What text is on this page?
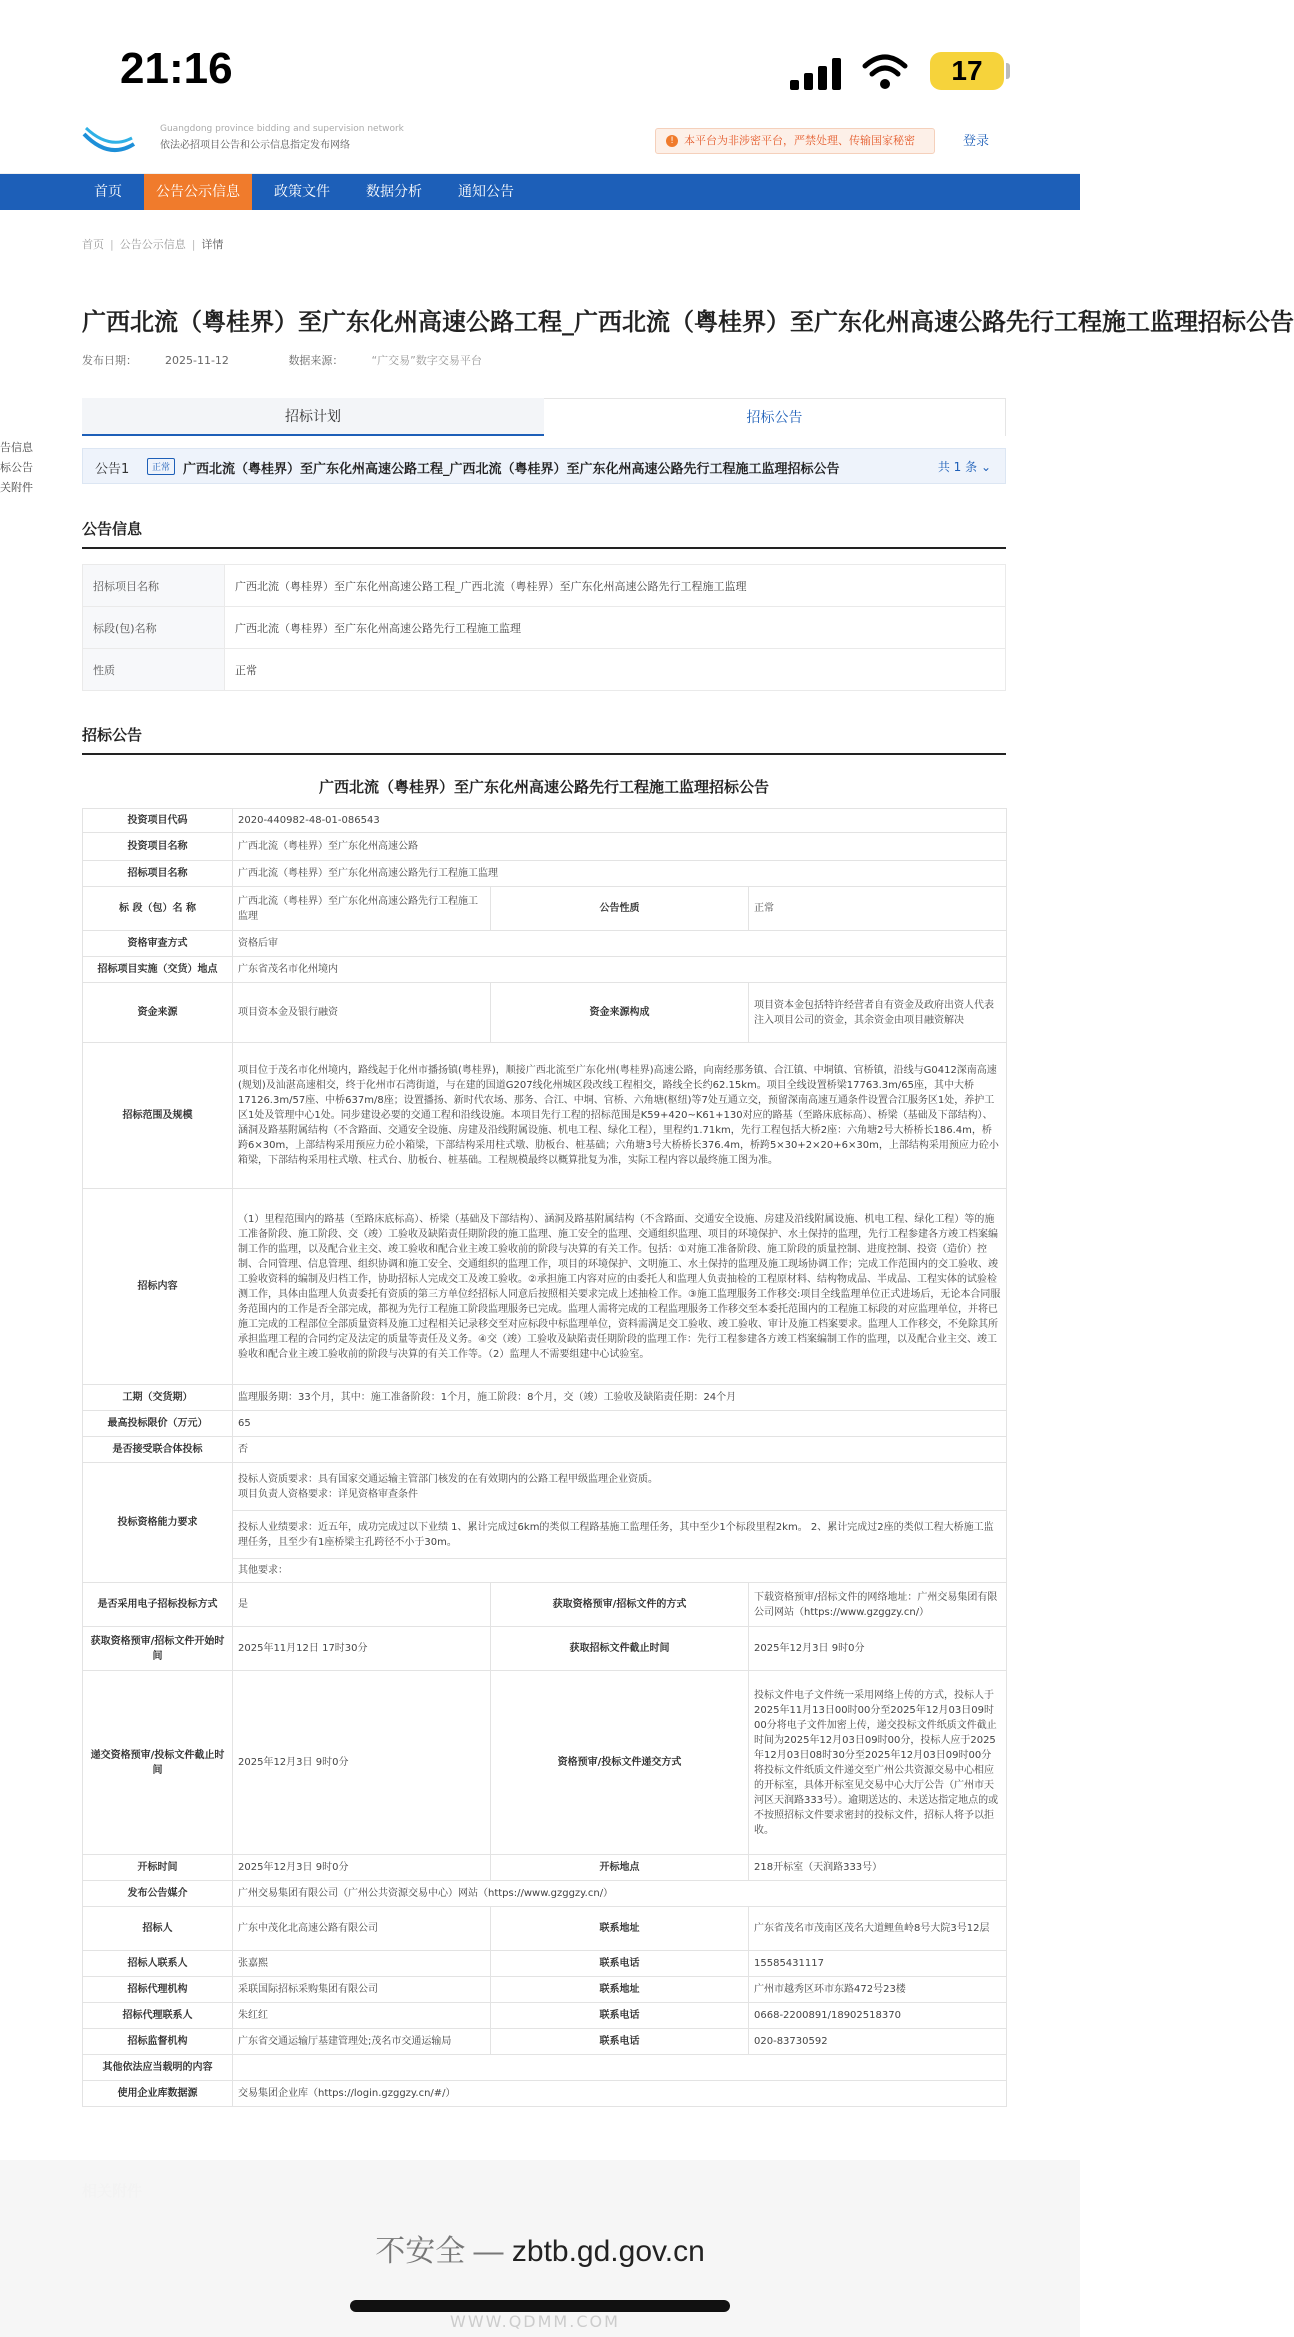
21:16	17
Guangdong province bidding and supervision network
依法必招项目公告和公示信息指定发布网络	! 本平台为非涉密平台，严禁处理、传输国家秘密	登录
首页	公告公示信息	政策文件	数据分析	通知公告
告信息
标公告
关附件
首页 | 公告公示信息 | 详情
广西北流（粤桂界）至广东化州高速公路工程_广西北流（粤桂界）至广东化州高速公路先行工程施工监理招标公告
发布日期：	2025-11-12	数据来源：	“广交易”数字交易平台
招标计划	招标公告
公告1	正常 广西北流（粤桂界）至广东化州高速公路工程_广西北流（粤桂界）至广东化州高速公路先行工程施工监理招标公告	共 1 条 ⌄
公告信息
招标项目名称	广西北流（粤桂界）至广东化州高速公路工程_广西北流（粤桂界）至广东化州高速公路先行工程施工监理
标段(包)名称	广西北流（粤桂界）至广东化州高速公路先行工程施工监理
性质	正常
招标公告
广西北流（粤桂界）至广东化州高速公路先行工程施工监理招标公告
投资项目代码	2020-440982-48-01-086543		
投资项目名称	广西北流（粤桂界）至广东化州高速公路		
招标项目名称	广西北流（粤桂界）至广东化州高速公路先行工程施工监理		
标 段（包）名 称	广西北流（粤桂界）至广东化州高速公路先行工程施工监理	公告性质	正常
资格审查方式	资格后审		
招标项目实施（交货）地点	广东省茂名市化州境内		
资金来源	项目资本金及银行融资	资金来源构成	项目资本金包括特许经营者自有资金及政府出资人代表注入项目公司的资金，其余资金由项目融资解决
招标范围及规模	项目位于茂名市化州境内，路线起于化州市播扬镇(粤桂界)，顺接广西北流至广东化州(粤桂界)高速公路，向南经那务镇、合江镇、中垌镇、官桥镇，沿线与G0412深南高速(规划)及汕湛高速相交，终于化州市石湾街道，与在建的国道G207线化州城区段改线工程相交，路线全长约62.15km。项目全线设置桥梁17763.3m/65座，其中大桥17126.3m/57座、中桥637m/8座；设置播扬、新时代农场、那务、合江、中垌、官桥、六角塘(枢纽)等7处互通立交，预留深南高速互通条件设置合江服务区1处，养护工区1处及管理中心1处。同步建设必要的交通工程和沿线设施。本项目先行工程的招标范围是K59+420~K61+130对应的路基（至路床底标高）、桥梁（基础及下部结构）、涵洞及路基附属结构（不含路面、交通安全设施、房建及沿线附属设施、机电工程、绿化工程），里程约1.71km，先行工程包括大桥2座：六角塘2号大桥桥长186.4m，桥跨6×30m，上部结构采用预应力砼小箱梁，下部结构采用柱式墩、肋板台、桩基础；六角塘3号大桥桥长376.4m，桥跨5×30+2×20+6×30m，上部结构采用预应力砼小箱梁，下部结构采用柱式墩、柱式台、肋板台、桩基础。工程规模最终以概算批复为准，实际工程内容以最终施工图为准。		
招标内容	（1）里程范围内的路基（至路床底标高）、桥梁（基础及下部结构）、涵洞及路基附属结构（不含路面、交通安全设施、房建及沿线附属设施、机电工程、绿化工程）等的施工准备阶段、施工阶段、交（竣）工验收及缺陷责任期阶段的施工监理、施工安全的监理、交通组织监理、项目的环境保护、水土保持的监理，先行工程参建各方竣工档案编制工作的监理，以及配合业主交、竣工验收和配合业主竣工验收前的阶段与决算的有关工作。包括：①对施工准备阶段、施工阶段的质量控制、进度控制、投资（造价）控制、合同管理、信息管理、组织协调和施工安全、交通组织的监理工作，项目的环境保护、文明施工、水土保持的监理及施工现场协调工作；完成工作范围内的交工验收、竣工验收资料的编制及归档工作，协助招标人完成交工及竣工验收。②承担施工内容对应的由委托人和监理人负责抽检的工程原材料、结构物成品、半成品、工程实体的试验检测工作，具体由监理人负责委托有资质的第三方单位经招标人同意后按照相关要求完成上述抽检工作。③施工监理服务工作移交:项目全线监理单位正式进场后，无论本合同服务范围内的工作是否全部完成，都视为先行工程施工阶段监理服务已完成。监理人需将完成的工程监理服务工作移交至本委托范围内的工程施工标段的对应监理单位，并将已施工完成的工程部位全部质量资料及施工过程相关记录移交至对应标段中标监理单位，资料需满足交工验收、竣工验收、审计及施工档案要求。监理人工作移交，不免除其所承担监理工程的合同约定及法定的质量等责任及义务。④交（竣）工验收及缺陷责任期阶段的监理工作：先行工程参建各方竣工档案编制工作的监理，以及配合业主交、竣工验收和配合业主竣工验收前的阶段与决算的有关工作等。（2）监理人不需要组建中心试验室。		
工期（交货期）	监理服务期：33个月，其中：施工准备阶段：1个月，施工阶段：8个月，交（竣）工验收及缺陷责任期：24个月		
最高投标限价（万元）	65		
是否接受联合体投标	否		
投标资格能力要求	投标人资质要求：具有国家交通运输主管部门核发的在有效期内的公路工程甲级监理企业资质。
项目负责人资格要求：详见资格审查条件		

	投标人业绩要求：近五年，成功完成过以下业绩 1、累计完成过6km的类似工程路基施工监理任务，其中至少1个标段里程2km。 2、累计完成过2座的类似工程大桥施工监理任务，且至少有1座桥梁主孔跨径不小于30m。		
	其他要求：		
是否采用电子招标投标方式	是	获取资格预审/招标文件的方式	下载资格预审/招标文件的网络地址：广州交易集团有限公司网站（https://www.gzggzy.cn/）
获取资格预审/招标文件开始时间	2025年11月12日 17时30分	获取招标文件截止时间	2025年12月3日 9时0分
递交资格预审/投标文件截止时间	2025年12月3日 9时0分	资格预审/投标文件递交方式	投标文件电子文件统一采用网络上传的方式，投标人于2025年11月13日00时00分至2025年12月03日09时00分将电子文件加密上传，递交投标文件纸质文件截止时间为2025年12月03日09时00分，投标人应于2025年12月03日08时30分至2025年12月03日09时00分将投标文件纸质文件递交至广州公共资源交易中心相应的开标室，具体开标室见交易中心大厅公告（广州市天河区天润路333号）。逾期送达的、未送达指定地点的或不按照招标文件要求密封的投标文件，招标人将予以拒收。
开标时间	2025年12月3日 9时0分	开标地点	218开标室（天润路333号）
发布公告媒介	广州交易集团有限公司（广州公共资源交易中心）网站（https://www.gzggzy.cn/）		
招标人	广东中茂化北高速公路有限公司	联系地址	广东省茂名市茂南区茂名大道鲤鱼岭8号大院3号12层
招标人联系人	张嘉熙	联系电话	15585431117
招标代理机构	采联国际招标采购集团有限公司	联系地址	广州市越秀区环市东路472号23楼
招标代理联系人	朱红红	联系电话	0668-2200891/18902518370
招标监督机构	广东省交通运输厅基建管理处;茂名市交通运输局	联系电话	020-83730592
其他依法应当载明的内容			
使用企业库数据源	交易集团企业库（https://login.gzggzy.cn/#/）		
不安全 — zbtb.gd.gov.cn
WWW.QDMM.COM
